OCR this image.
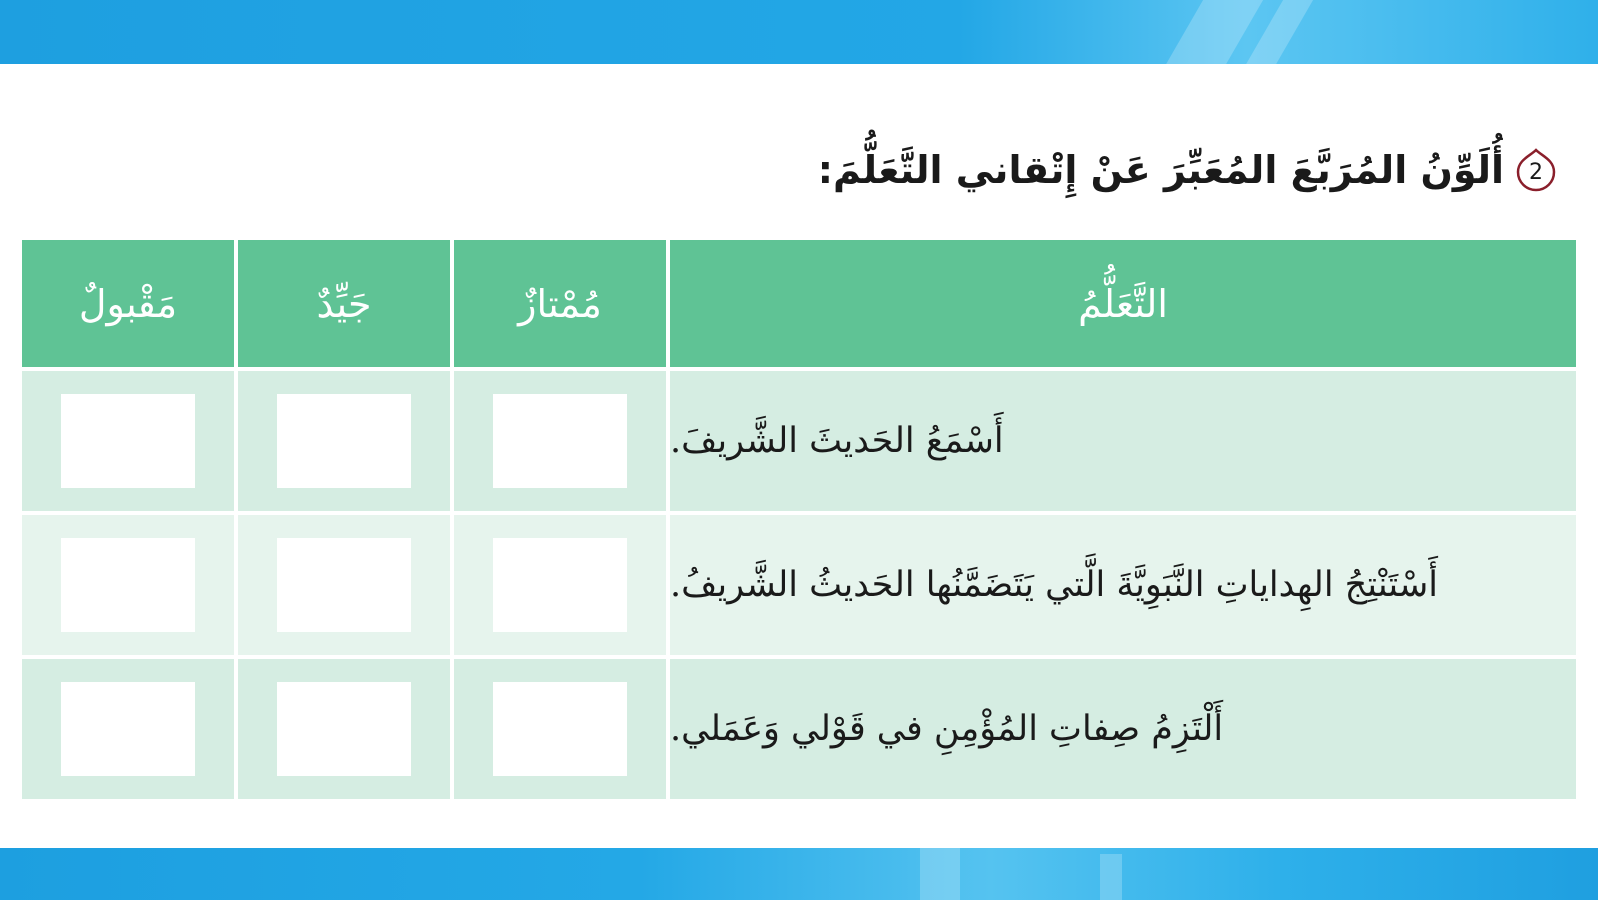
2
أُلَوِّنُ المُرَبَّعَ المُعَبِّرَ عَنْ إِتْقاني التَّعَلُّمَ:
مَقْبولٌ	جَيِّدٌ	مُمْتازٌ	التَّعَلُّمُ
أَسْمَعُ الحَديثَ الشَّريفَ.
أَسْتَنْتِجُ الهِداياتِ النَّبَوِيَّةَ الَّتي يَتَضَمَّنُها الحَديثُ الشَّريفُ.
أَلْتَزِمُ صِفاتِ المُؤْمِنِ في قَوْلي وَعَمَلي.
